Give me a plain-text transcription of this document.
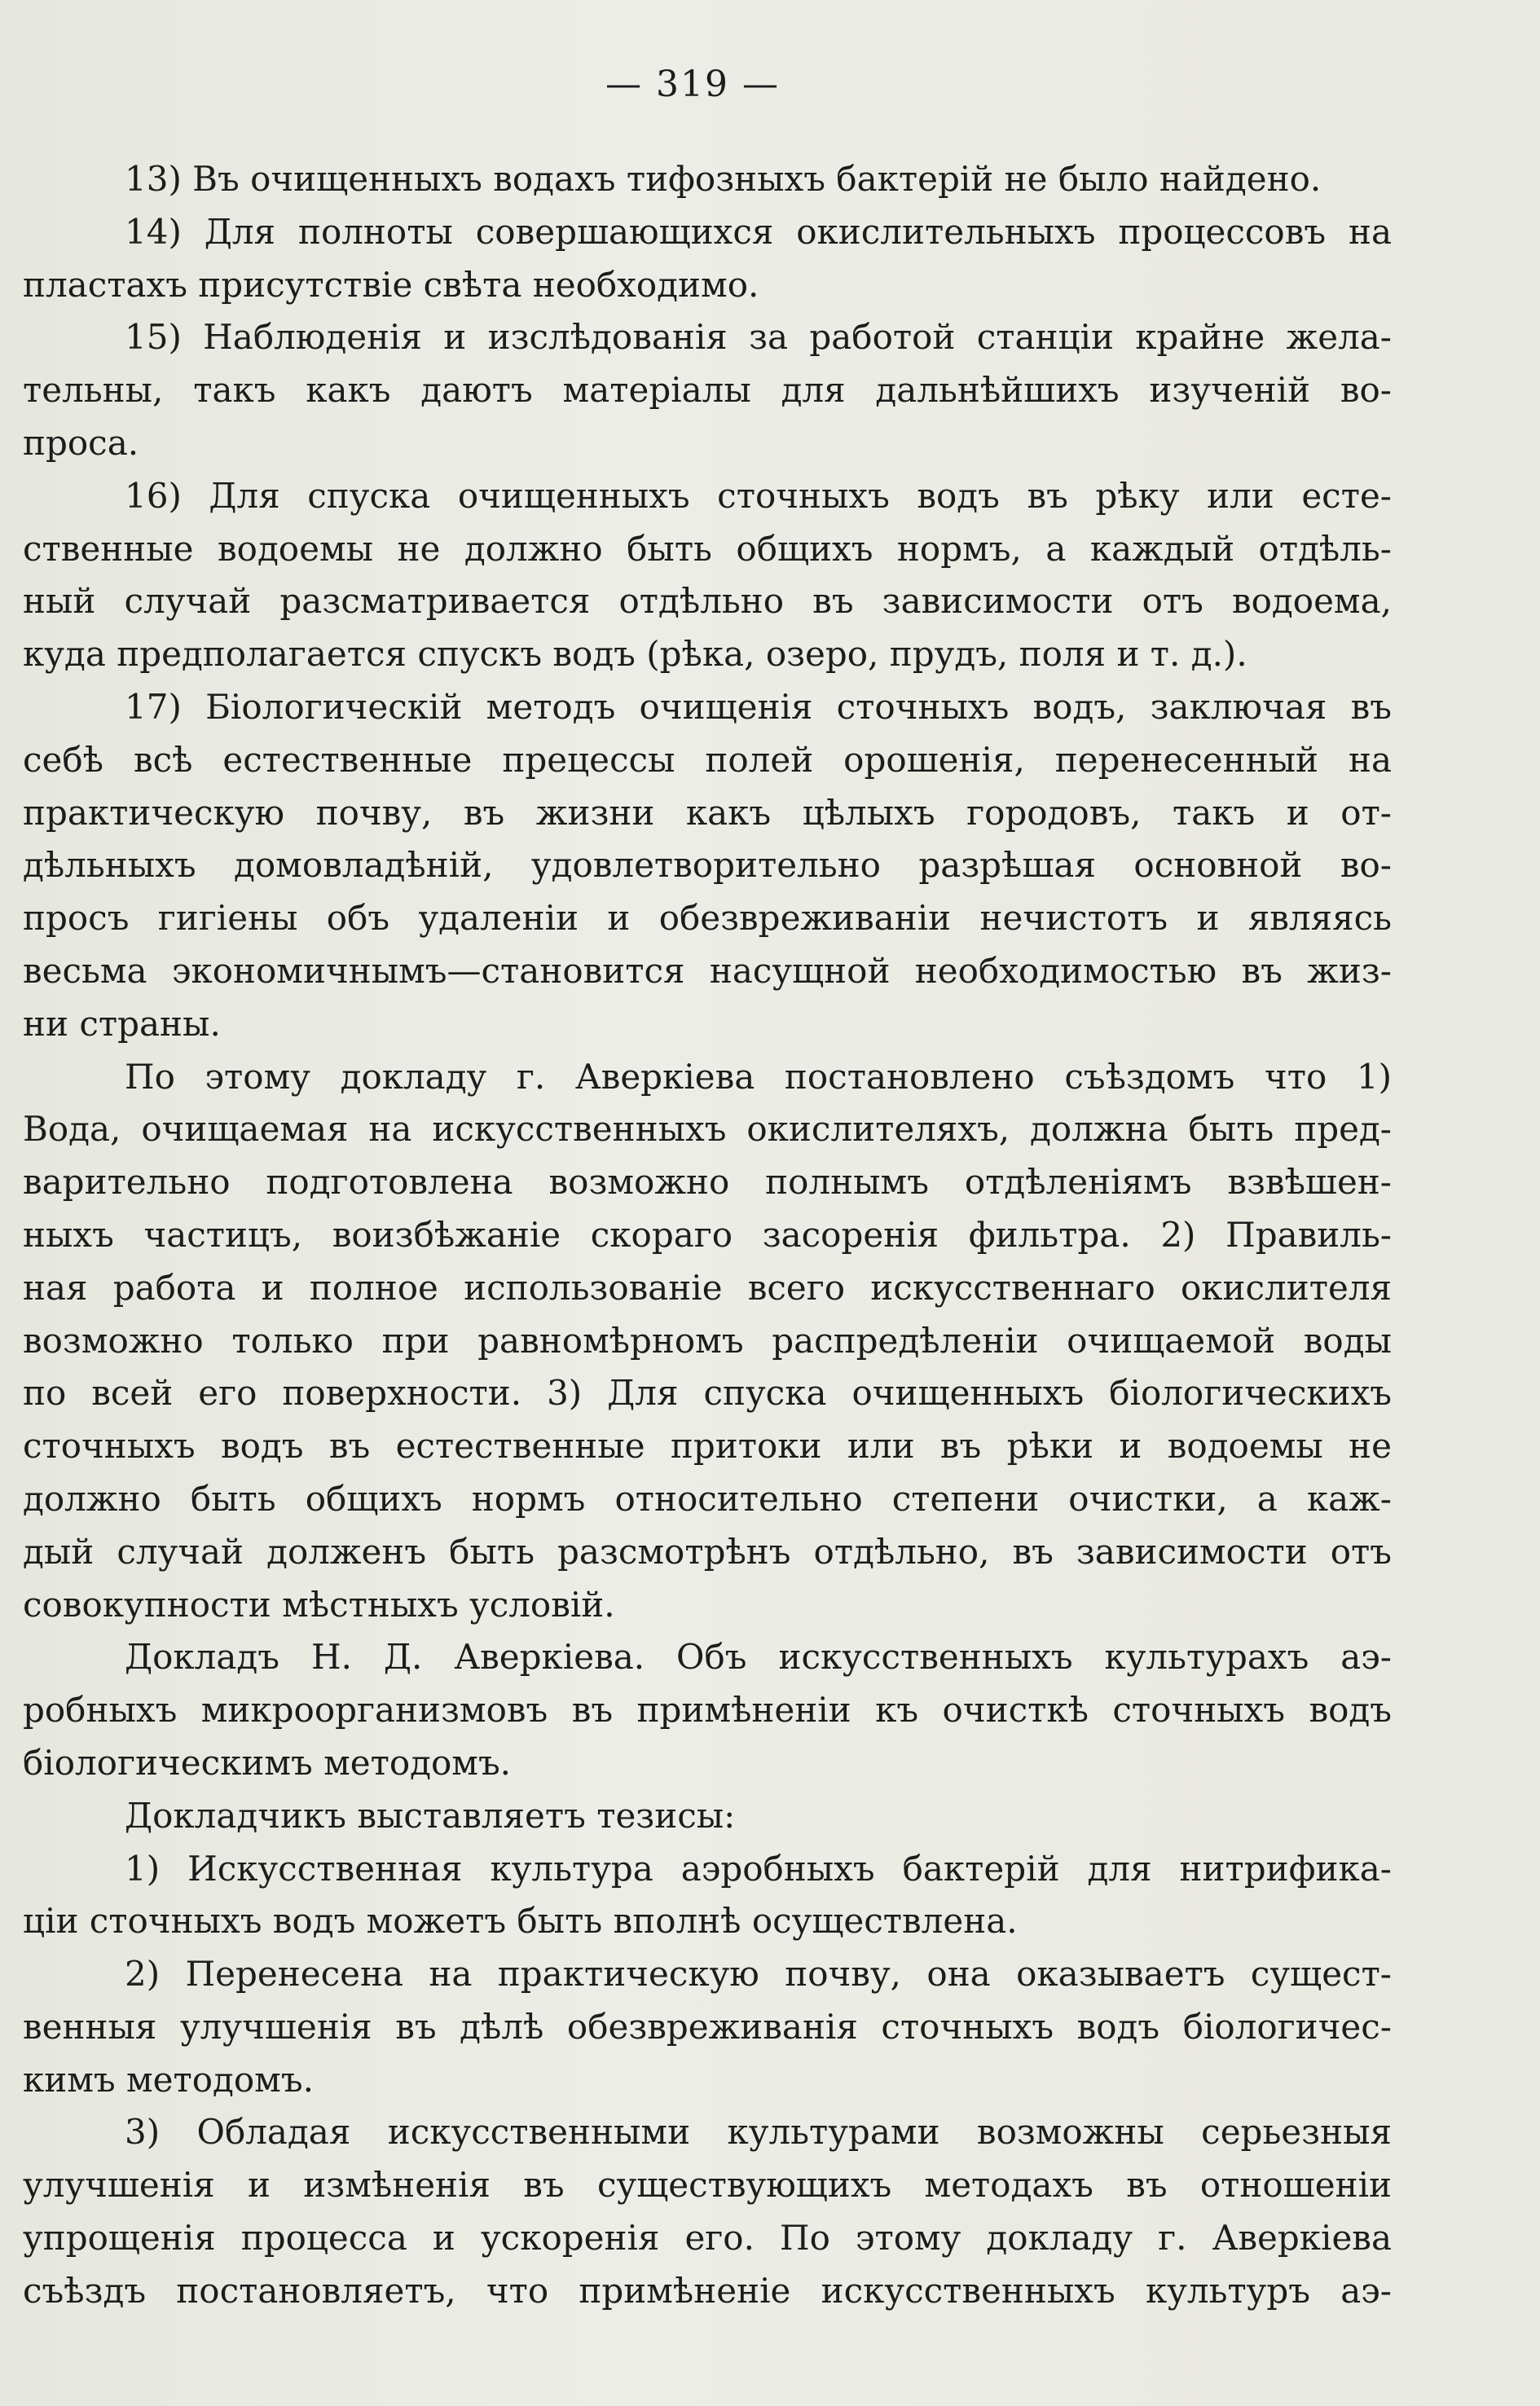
— 319 —
13) Въ очищенныхъ водахъ тифозныхъ бактерій не было найдено.
14) Для полноты совершающихся окислительныхъ процессовъ на
пластахъ присутствіе свѣта необходимо.
15) Наблюденія и изслѣдованія за работой станціи крайне жела-
тельны, такъ какъ даютъ матеріалы для дальнѣйшихъ изученій во-
проса.
16) Для спуска очищенныхъ сточныхъ водъ въ рѣку или есте-
ственные водоемы не должно быть общихъ нормъ, а каждый отдѣль-
ный случай разсматривается отдѣльно въ зависимости отъ водоема,
куда предполагается спускъ водъ (рѣка, озеро, прудъ, поля и т. д.).
17) Біологическій методъ очищенія сточныхъ водъ, заключая въ
себѣ всѣ естественные прецессы полей орошенія, перенесенный на
практическую почву, въ жизни какъ цѣлыхъ городовъ, такъ и от-
дѣльныхъ домовладѣній, удовлетворительно разрѣшая основной во-
просъ гигіены объ удаленіи и обезвреживаніи нечистотъ и являясь
весьма экономичнымъ—становится насущной необходимостью въ жиз-
ни страны.
По этому докладу г. Аверкіева постановлено съѣздомъ что 1)
Вода, очищаемая на искусственныхъ окислителяхъ, должна быть пред-
варительно подготовлена возможно полнымъ отдѣленіямъ взвѣшен-
ныхъ частицъ, воизбѣжаніе скораго засоренія фильтра. 2) Правиль-
ная работа и полное использованіе всего искусственнаго окислителя
возможно только при равномѣрномъ распредѣленіи очищаемой воды
по всей его поверхности. 3) Для спуска очищенныхъ біологическихъ
сточныхъ водъ въ естественные притоки или въ рѣки и водоемы не
должно быть общихъ нормъ относительно степени очистки, а каж-
дый случай долженъ быть разсмотрѣнъ отдѣльно, въ зависимости отъ
совокупности мѣстныхъ условій.
Докладъ Н. Д. Аверкіева. Объ искусственныхъ культурахъ аэ-
робныхъ микроорганизмовъ въ примѣненіи къ очисткѣ сточныхъ водъ
біологическимъ методомъ.
Докладчикъ выставляетъ тезисы:
1) Искусственная культура аэробныхъ бактерій для нитрифика-
ціи сточныхъ водъ можетъ быть вполнѣ осуществлена.
2) Перенесена на практическую почву, она оказываетъ сущест-
венныя улучшенія въ дѣлѣ обезвреживанія сточныхъ водъ біологичес-
кимъ методомъ.
3) Обладая искусственными культурами возможны серьезныя
улучшенія и измѣненія въ существующихъ методахъ въ отношеніи
упрощенія процесса и ускоренія его. По этому докладу г. Аверкіева
съѣздъ постановляетъ, что примѣненіе искусственныхъ культуръ аэ-
